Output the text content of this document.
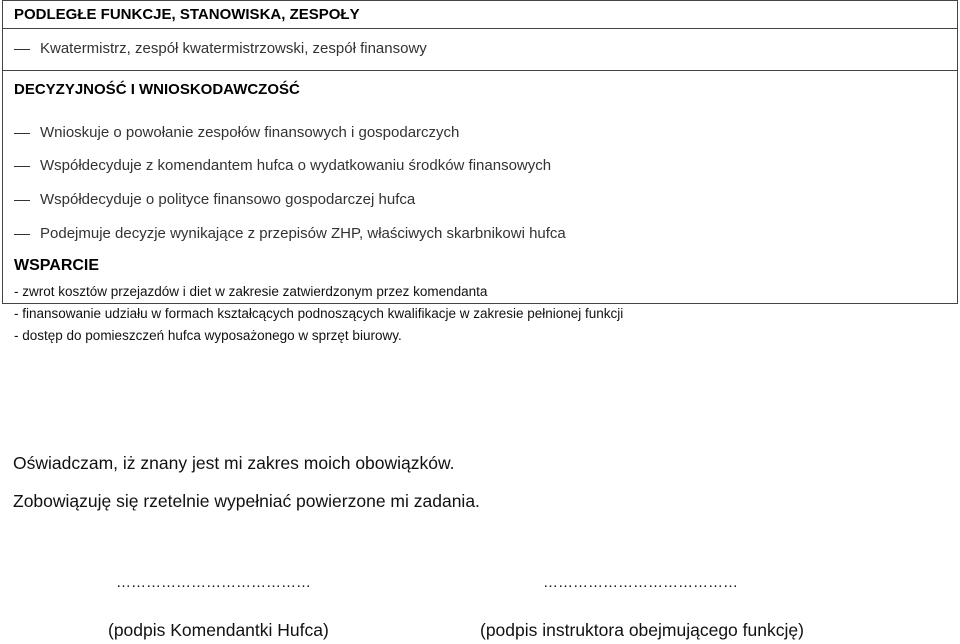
PODLEGŁE FUNKCJE, STANOWISKA, ZESPOŁY
Kwatermistrz, zespół kwatermistrzowski, zespół finansowy
DECYZYJNOŚĆ I WNIOSKODAWCZOŚĆ
Wnioskuje o powołanie zespołów finansowych i gospodarczych
Współdecyduje z komendantem hufca o wydatkowaniu środków finansowych
Współdecyduje o polityce finansowo gospodarczej hufca
Podejmuje decyzje wynikające z przepisów ZHP, właściwych skarbnikowi hufca
WSPARCIE
- zwrot kosztów przejazdów i diet w zakresie zatwierdzonym przez komendanta
- finansowanie udziału w formach kształcących podnoszących kwalifikacje w zakresie pełnionej funkcji
- dostęp do pomieszczeń hufca wyposażonego w sprzęt biurowy.
Oświadczam, iż znany jest mi zakres moich obowiązków.
Zobowiązuję się rzetelnie wypełniać powierzone mi zadania.
…………………………………	…………………………………
(podpis Komendantki Hufca)	(podpis instruktora obejmującego funkcję)
